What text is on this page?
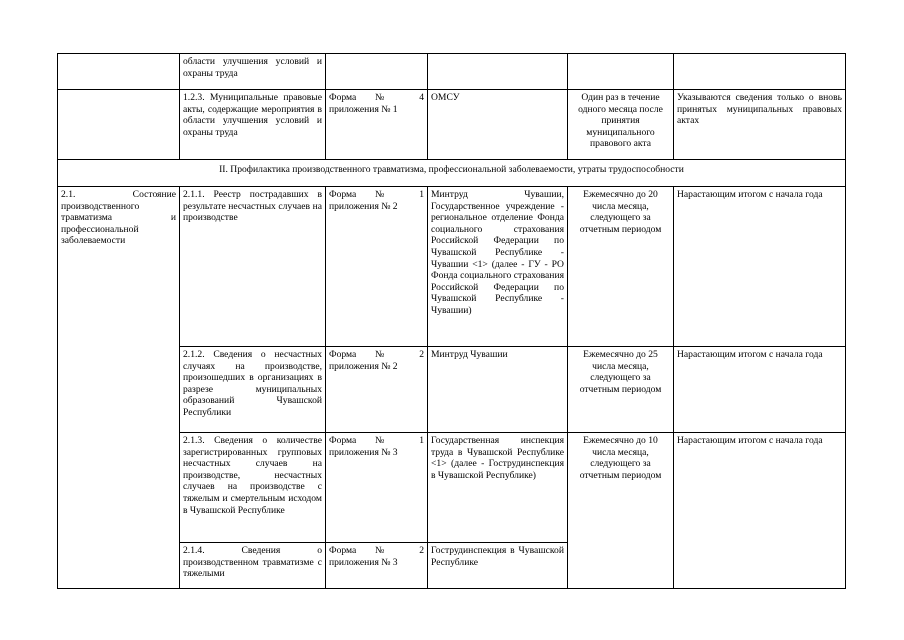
	области улучшения условий и охраны труда				
	1.2.3. Муниципальные правовые акты, содержащие мероприятия в области улучшения условий и охраны труда	Форма № 4 приложения № 1	ОМСУ	Один раз в течение одного месяца после принятия муниципального правового акта	Указываются сведения только о вновь принятых муниципальных правовых актах
II. Профилактика производственного травматизма, профессиональной заболеваемости, утраты трудоспособности					
2.1. Состояние производственного травматизма и профессиональной заболеваемости	2.1.1. Реестр пострадавших в результате несчастных случаев на производстве	Форма № 1 приложения № 2	Минтруд Чувашии, Государственное учреждение - региональное отделение Фонда социального страхования Российской Федерации по Чувашской Республике - Чувашии <1> (далее - ГУ - РО Фонда социального страхования Российской Федерации по Чувашской Республике - Чувашии)	Ежемесячно до 20 числа месяца, следующего за отчетным периодом	Нарастающим итогом с начала года
	2.1.2. Сведения о несчастных случаях на производстве, произошедших в организациях в разрезе муниципальных образований Чувашской Республики	Форма № 2 приложения № 2	Минтруд Чувашии	Ежемесячно до 25 числа месяца, следующего за отчетным периодом	Нарастающим итогом с начала года
	2.1.3. Сведения о количестве зарегистрированных групповых несчастных случаев на производстве, несчастных случаев на производстве с тяжелым и смертельным исходом в Чувашской Республике	Форма № 1 приложения № 3	Государственная инспекция труда в Чувашской Республике <1> (далее - Гострудинспекция в Чувашской Республике)	Ежемесячно до 10 числа месяца, следующего за отчетным периодом	Нарастающим итогом с начала года
	2.1.4. Сведения о производственном травматизме с тяжелыми	Форма № 2 приложения № 3	Гострудинспекция в Чувашской Республике		
